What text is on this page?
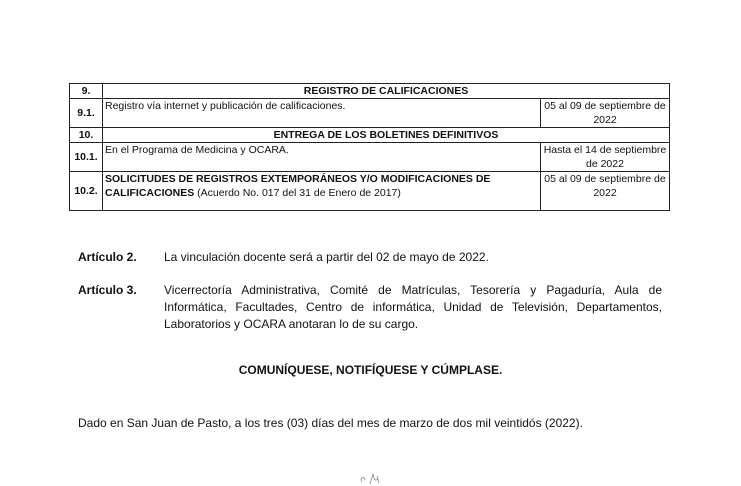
9.	REGISTRO DE CALIFICACIONES	
9.1.	Registro vía internet y publicación de calificaciones.	05 al 09 de septiembre de 2022
10.	ENTREGA DE LOS BOLETINES DEFINITIVOS	
10.1.	En el Programa de Medicina y OCARA.	Hasta el 14 de septiembre de 2022
10.2.	SOLICITUDES DE REGISTROS EXTEMPORÁNEOS Y/O MODIFICACIONES DE CALIFICACIONES (Acuerdo No. 017 del 31 de Enero de 2017)	05 al 09 de septiembre de 2022
Artículo 2.	La vinculación docente será a partir del 02 de mayo de 2022.
Artículo 3.	Vicerrectoría Administrativa, Comité de Matrículas, Tesorería y Pagaduría, Aula de Informática, Facultades, Centro de informática, Unidad de Televisión, Departamentos, Laboratorios y OCARA anotaran lo de su cargo.
COMUNÍQUESE, NOTIFÍQUESE Y CÚMPLASE.
Dado en San Juan de Pasto, a los tres (03) días del mes de marzo de dos mil veintidós (2022).
